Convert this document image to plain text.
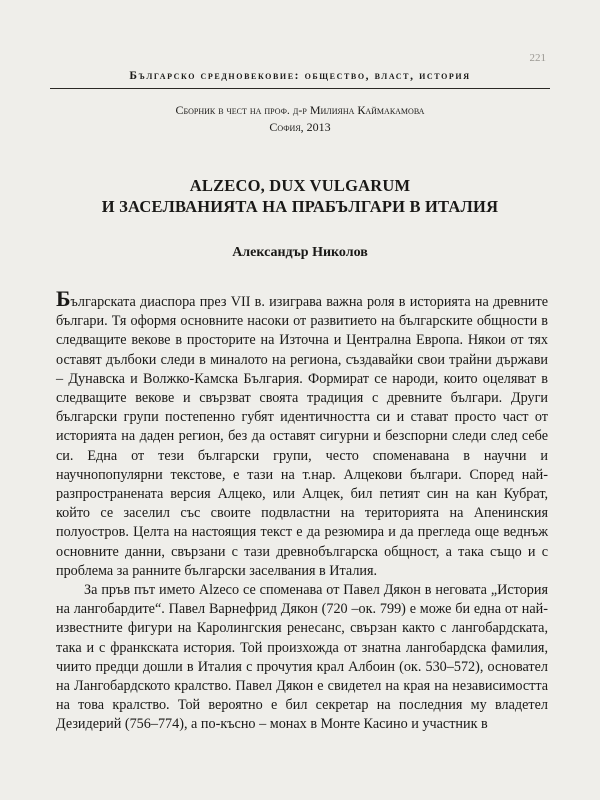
221
Българско средновековие: общество, власт, история
Сборник в чест на проф. д-р Милияна Каймакамова
София, 2013
ALZECO, DUX VULGARUM
И ЗАСЕЛВАНИЯТА НА ПРАБЪЛГАРИ В ИТАЛИЯ
Александър Николов

Българската диаспора през VII в. изиграва важна роля в историята на древните българи. Тя оформя основните насоки от развитието на българските общности в следващите векове в просторите на Източна и Централна Европа. Някои от тях оставят дълбоки следи в миналото на региона, създавайки свои трайни държави – Дунавска и Волжко-Камска България. Формират се народи, които оцеляват в следващите векове и свързват своята традиция с древните българи. Други български групи постепенно губят идентичността си и стават просто част от историята на даден регион, без да оставят сигурни и безспорни следи след себе си. Една от тези български групи, често споменавана в научни и научнопопулярни текстове, е тази на т.нар. Алцекови българи. Според най-разпространената версия Алцеко, или Алцек, бил петият син на кан Кубрат, който се заселил със своите подвластни на територията на Апенинския полуостров. Целта на настоящия текст е да резюмира и да прегледа още веднъж основните данни, свързани с тази древнобългарска общност, а така също и с проблема за ранните български заселвания в Италия.

За пръв път името Alzeco се споменава от Павел Дякон в неговата „История на лангобардите“. Павел Варнефрид Дякон (720 –ок. 799) е може би една от най-известните фигури на Каролингския ренесанс, свързан както с лангобардската, така и с франкската история. Той произхожда от знатна лангобардска фамилия, чиито предци дошли в Италия с прочутия крал Албоин (ок. 530–572), основател на Лангобардското кралство. Павел Дякон е свидетел на края на независимостта на това кралство. Той вероятно е бил секретар на последния му владетел Дезидерий (756–774), а по-късно – монах в Монте Касино и участник в
